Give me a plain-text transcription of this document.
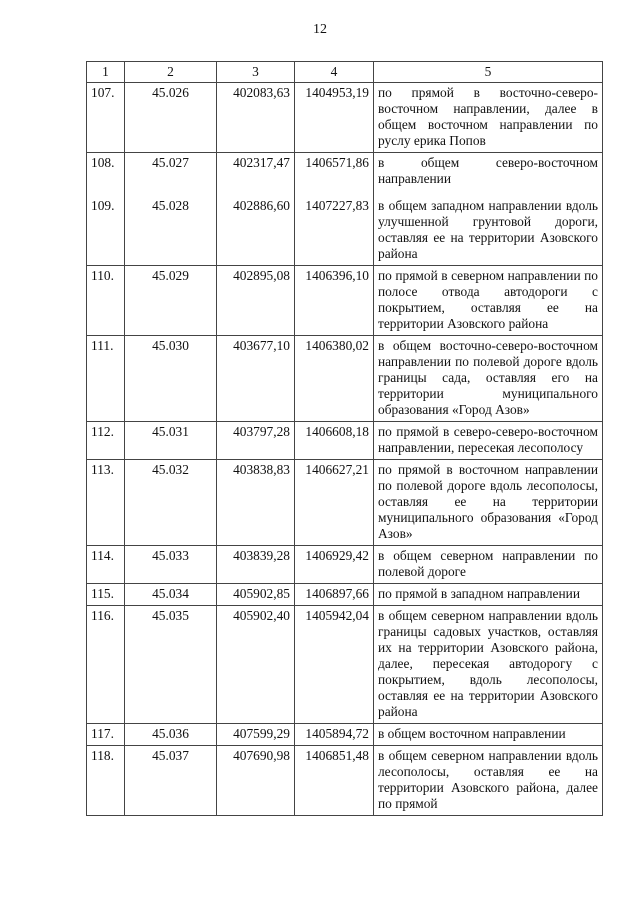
12
1	2	3	4	5
107.	45.026	402083,63	1404953,19	по прямой в восточно-северо-восточном направлении, далее в общем восточном направлении по руслу ерика Попов
108.	45.027	402317,47	1406571,86	в общем северо-восточном направлении
109.	45.028	402886,60	1407227,83	в общем западном направлении вдоль улучшенной грунтовой дороги, оставляя ее на территории Азовского района
110.	45.029	402895,08	1406396,10	по прямой в северном направлении по полосе отвода автодороги с покрытием, оставляя ее на территории Азовского района
111.	45.030	403677,10	1406380,02	в общем восточно-северо-восточном направлении по полевой дороге вдоль границы сада, оставляя его на территории муниципального образования «Город Азов»
112.	45.031	403797,28	1406608,18	по прямой в северо-северо-восточном направлении, пересекая лесополосу
113.	45.032	403838,83	1406627,21	по прямой в восточном направлении по полевой дороге вдоль лесополосы, оставляя ее на территории муниципального образования «Город Азов»
114.	45.033	403839,28	1406929,42	в общем северном направлении по полевой дороге
115.	45.034	405902,85	1406897,66	по прямой в западном направлении
116.	45.035	405902,40	1405942,04	в общем северном направлении вдоль границы садовых участков, оставляя их на территории Азовского района, далее, пересекая автодорогу с покрытием, вдоль лесополосы, оставляя ее на территории Азовского района
117.	45.036	407599,29	1405894,72	в общем восточном направлении
118.	45.037	407690,98	1406851,48	в общем северном направлении вдоль лесополосы, оставляя ее на территории Азовского района, далее по прямой
